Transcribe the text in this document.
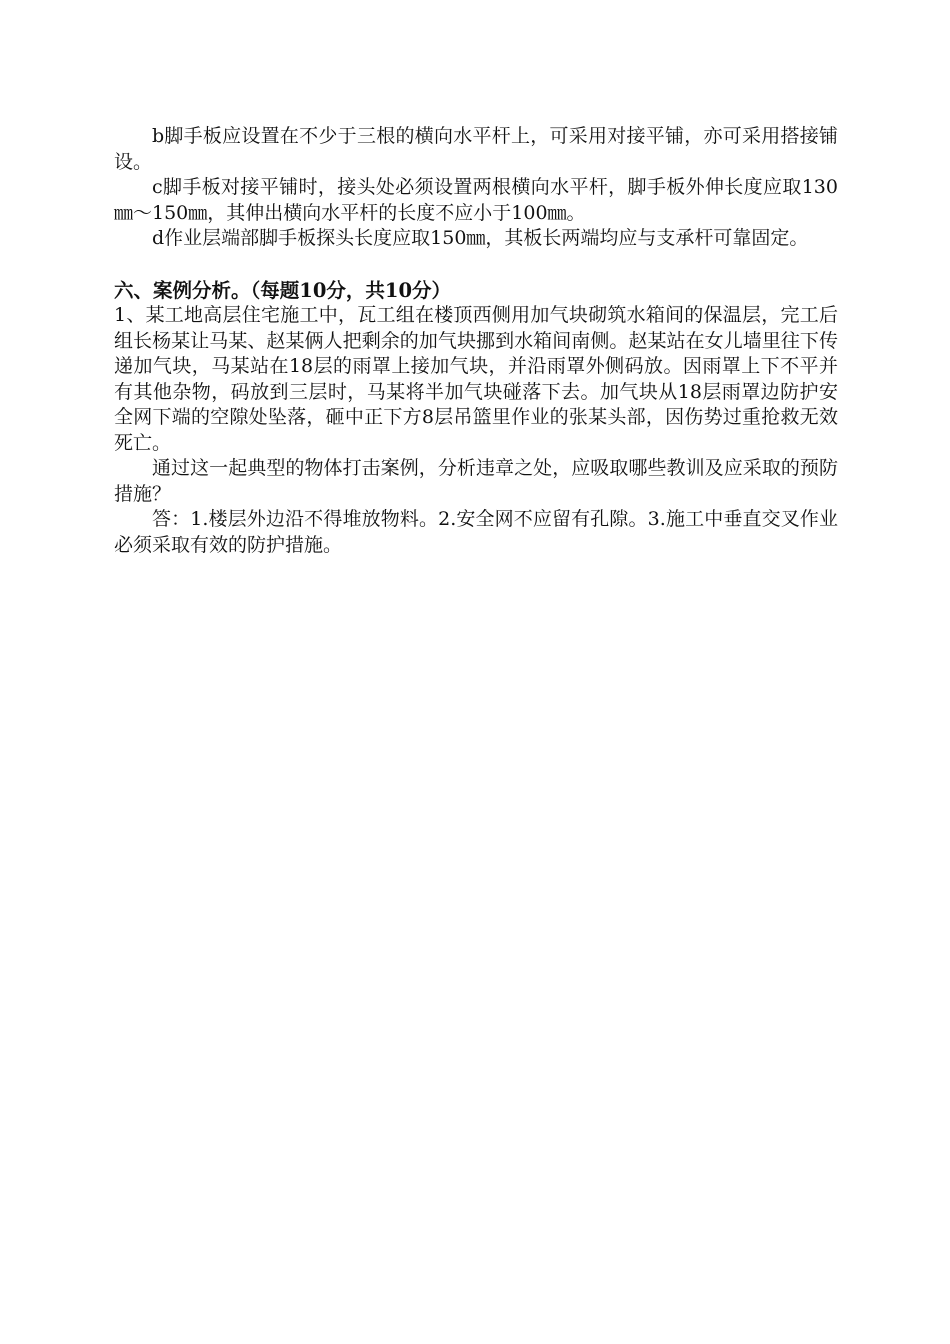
b脚手板应设置在不少于三根的横向水平杆上，可采用对接平铺，亦可采用搭接铺设。

c脚手板对接平铺时，接头处必须设置两根横向水平杆，脚手板外伸长度应取130㎜～150㎜，其伸出横向水平杆的长度不应小于100㎜。

d作业层端部脚手板探头长度应取150㎜，其板长两端均应与支承杆可靠固定。

六、案例分析。（每题10分，共10分）

1、某工地高层住宅施工中，瓦工组在楼顶西侧用加气块砌筑水箱间的保温层，完工后组长杨某让马某、赵某俩人把剩余的加气块挪到水箱间南侧。赵某站在女儿墙里往下传递加气块，马某站在18层的雨罩上接加气块，并沿雨罩外侧码放。因雨罩上下不平并有其他杂物，码放到三层时，马某将半加气块碰落下去。加气块从18层雨罩边防护安全网下端的空隙处坠落，砸中正下方8层吊篮里作业的张某头部，因伤势过重抢救无效死亡。

通过这一起典型的物体打击案例，分析违章之处，应吸取哪些教训及应采取的预防措施？

答：1.楼层外边沿不得堆放物料。2.安全网不应留有孔隙。3.施工中垂直交叉作业必须采取有效的防护措施。
